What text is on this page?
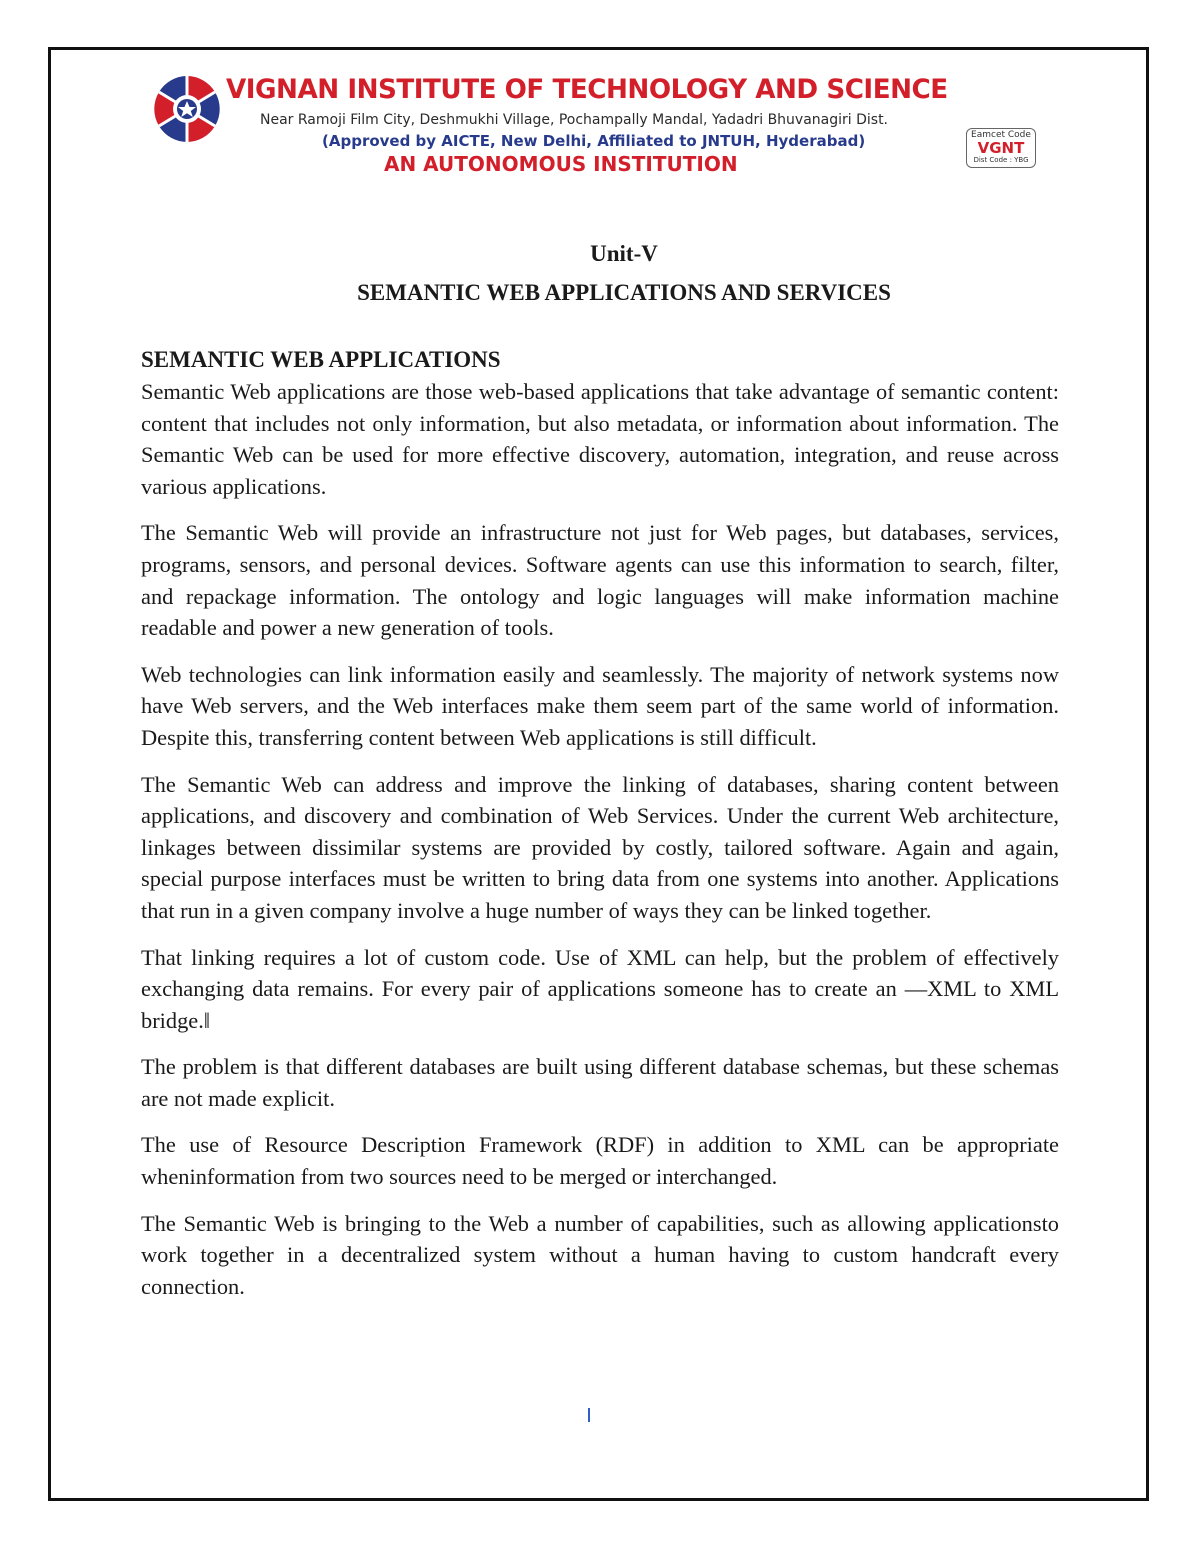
VIGNAN INSTITUTE OF TECHNOLOGY AND SCIENCE
Near Ramoji Film City, Deshmukhi Village, Pochampally Mandal, Yadadri Bhuvanagiri Dist.
(Approved by AICTE, New Delhi, Affiliated to JNTUH, Hyderabad)
AN AUTONOMOUS INSTITUTION
Eamcet Code
VGNT
Dist Code : YBG
Unit-V
SEMANTIC WEB APPLICATIONS AND SERVICES
SEMANTIC WEB APPLICATIONS

Semantic Web applications are those web-based applications that take advantage of semantic content: content that includes not only information, but also metadata, or information about information. The Semantic Web can be used for more effective discovery, automation, integration, and reuse across various applications.

The Semantic Web will provide an infrastructure not just for Web pages, but databases, services, programs, sensors, and personal devices. Software agents can use this information to search, filter, and repackage information. The ontology and logic languages will make information machine readable and power a new generation of tools.

Web technologies can link information easily and seamlessly. The majority of network systems now have Web servers, and the Web interfaces make them seem part of the same world of information. Despite this, transferring content between Web applications is still difficult.

The Semantic Web can address and improve the linking of databases, sharing content between applications, and discovery and combination of Web Services. Under the current Web architecture, linkages between dissimilar systems are provided by costly, tailored software. Again and again, special purpose interfaces must be written to bring data from one systems into another. Applications that run in a given company involve a huge number of ways they can be linked together.

That linking requires a lot of custom code. Use of XML can help, but the problem of effectively exchanging data remains. For every pair of applications someone has to create an ―XML to XML bridge.‖

The problem is that different databases are built using different database schemas, but these schemas are not made explicit.

The use of Resource Description Framework (RDF) in addition to XML can be appropriate wheninformation from two sources need to be merged or interchanged.

The Semantic Web is bringing to the Web a number of capabilities, such as allowing applicationsto work together in a decentralized system without a human having to custom handcraft every connection.
